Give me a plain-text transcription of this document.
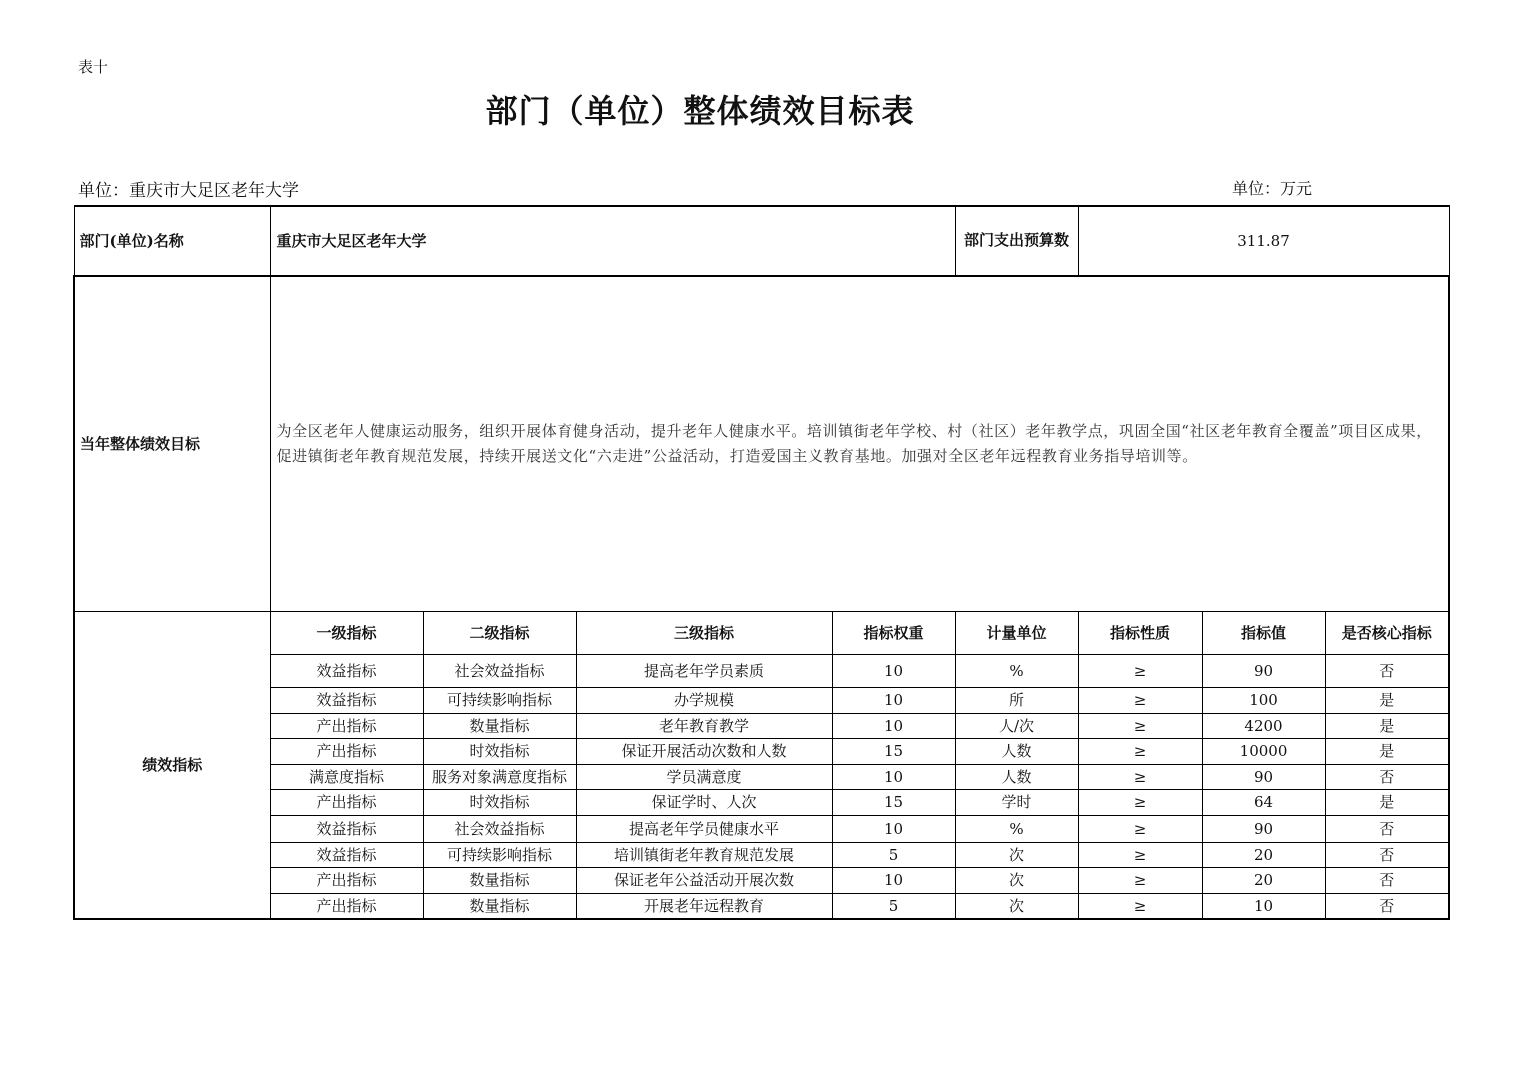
表十
部门（单位）整体绩效目标表
单位：重庆市大足区老年大学	单位：万元
部门(单位)名称	重庆市大足区老年大学				部门支出预算数	311.87		
当年整体绩效目标	为全区老年人健康运动服务，组织开展体育健身活动，提升老年人健康水平。培训镇街老年学校、村（社区）老年教学点，巩固全国“社区老年教育全覆盖”项目区成果，促进镇街老年教育规范发展，持续开展送文化“六走进”公益活动，打造爱国主义教育基地。加强对全区老年远程教育业务指导培训等。							
绩效指标	一级指标	二级指标	三级指标	指标权重	计量单位	指标性质	指标值	是否核心指标
	效益指标	社会效益指标	提高老年学员素质	10	%	≥	90	否
	效益指标	可持续影响指标	办学规模	10	所	≥	100	是
	产出指标	数量指标	老年教育教学	10	人/次	≥	4200	是
	产出指标	时效指标	保证开展活动次数和人数	15	人数	≥	10000	是
	满意度指标	服务对象满意度指标	学员满意度	10	人数	≥	90	否
	产出指标	时效指标	保证学时、人次	15	学时	≥	64	是
	效益指标	社会效益指标	提高老年学员健康水平	10	%	≥	90	否
	效益指标	可持续影响指标	培训镇街老年教育规范发展	5	次	≥	20	否
	产出指标	数量指标	保证老年公益活动开展次数	10	次	≥	20	否
	产出指标	数量指标	开展老年远程教育	5	次	≥	10	否
